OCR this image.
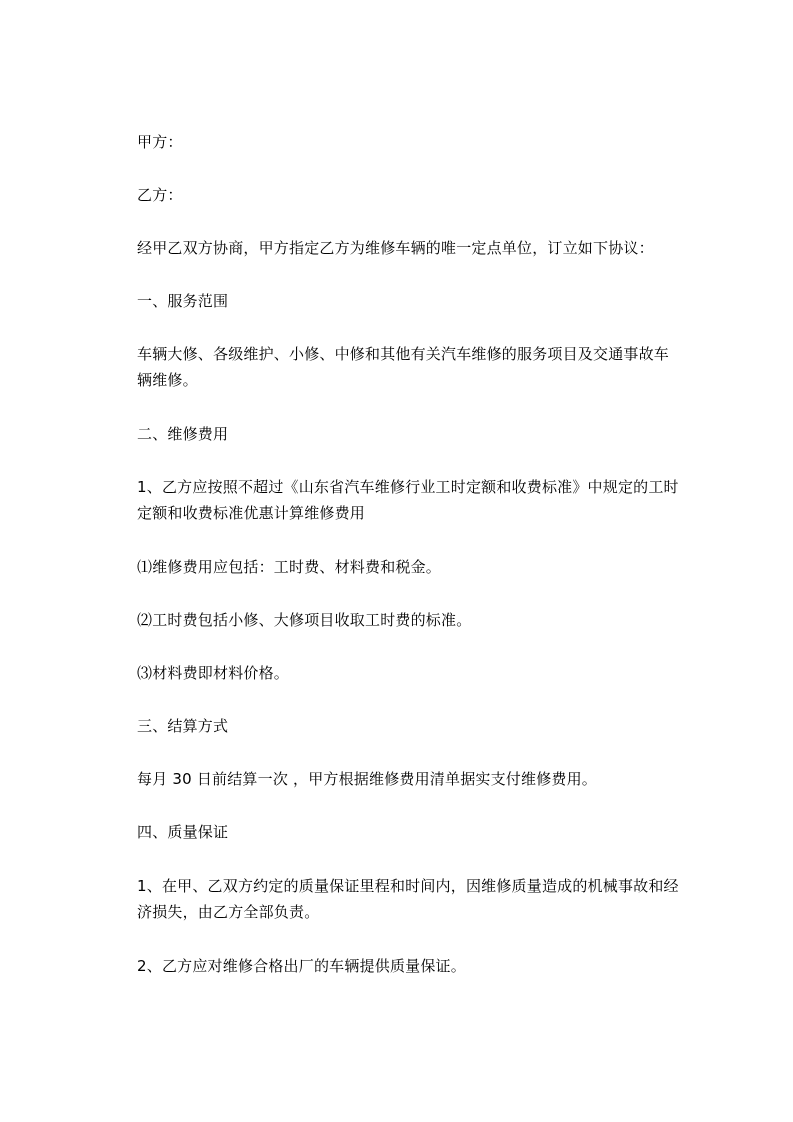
甲方：
乙方：
经甲乙双方协商，甲方指定乙方为维修车辆的唯一定点单位，订立如下协议：
一、服务范围
车辆大修、各级维护、小修、中修和其他有关汽车维修的服务项目及交通事故车
辆维修。
二、维修费用
1、乙方应按照不超过《山东省汽车维修行业工时定额和收费标准》中规定的工时
定额和收费标准优惠计算维修费用
⑴维修费用应包括：工时费、材料费和税金。
⑵工时费包括小修、大修项目收取工时费的标准。
⑶材料费即材料价格。
三、结算方式
每月 30 日前结算一次 ，甲方根据维修费用清单据实支付维修费用。
四、质量保证
1、在甲、乙双方约定的质量保证里程和时间内，因维修质量造成的机械事故和经
济损失，由乙方全部负责。
2、乙方应对维修合格出厂的车辆提供质量保证。
